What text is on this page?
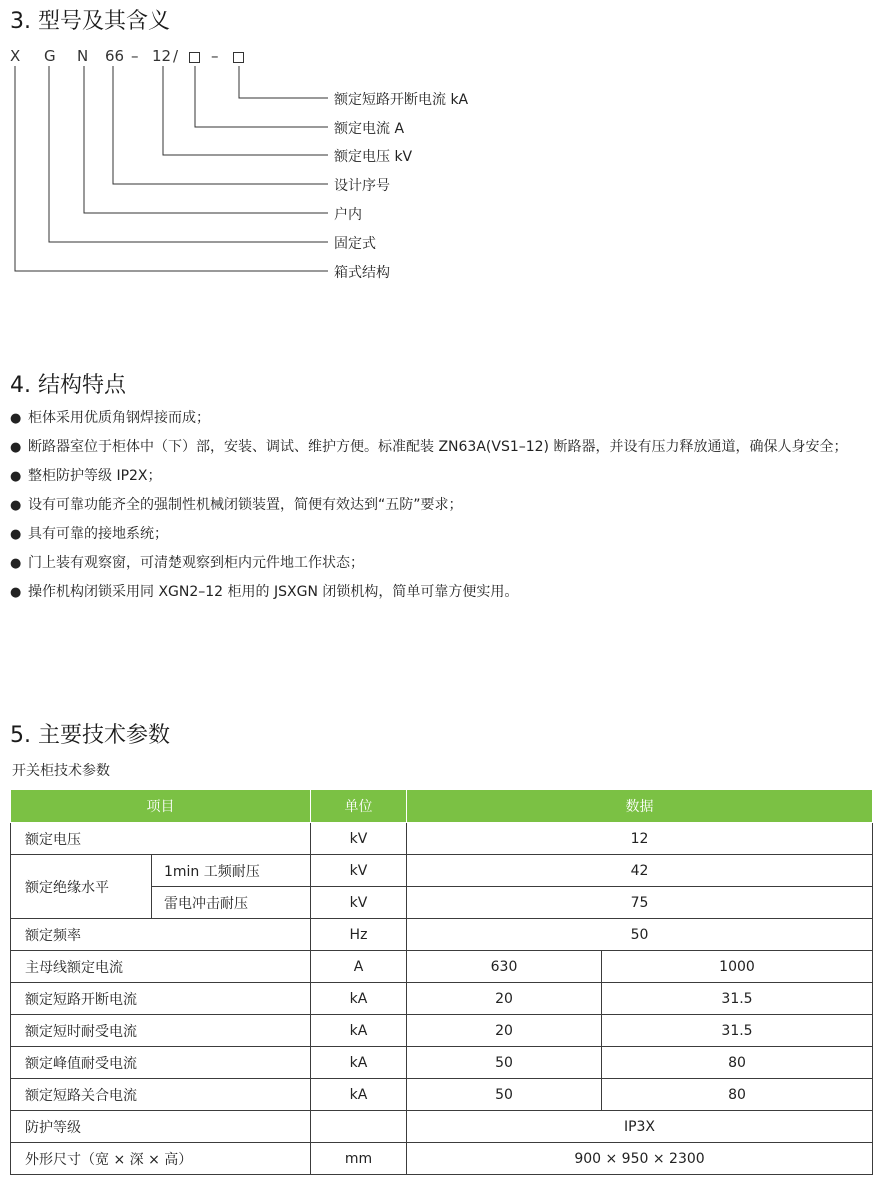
3. 型号及其含义
X G N 66 – 12 / –
额定短路开断电流 kA
额定电流 A
额定电压 kV
设计序号
户内
固定式
箱式结构
4. 结构特点
● 柜体采用优质角钢焊接而成；
● 断路器室位于柜体中（下）部，安装、调试、维护方便。标准配装 ZN63A(VS1–12) 断路器，并设有压力释放通道，确保人身安全；
● 整柜防护等级 IP2X；
● 设有可靠功能齐全的强制性机械闭锁装置，简便有效达到“五防”要求；
● 具有可靠的接地系统；
● 门上装有观察窗，可清楚观察到柜内元件地工作状态；
● 操作机构闭锁采用同 XGN2–12 柜用的 JSXGN 闭锁机构，简单可靠方便实用。
5. 主要技术参数
开关柜技术参数
项目		单位	数据	
额定电压		kV	12	
额定绝缘水平	1min 工频耐压	kV	42	
	雷电冲击耐压	kV	75	
额定频率		Hz	50	
主母线额定电流		A	630	1000
额定短路开断电流		kA	20	31.5
额定短时耐受电流		kA	20	31.5
额定峰值耐受电流		kA	50	80
额定短路关合电流		kA	50	80
防护等级			IP3X	
外形尺寸（宽 × 深 × 高）		mm	900 × 950 × 2300	
